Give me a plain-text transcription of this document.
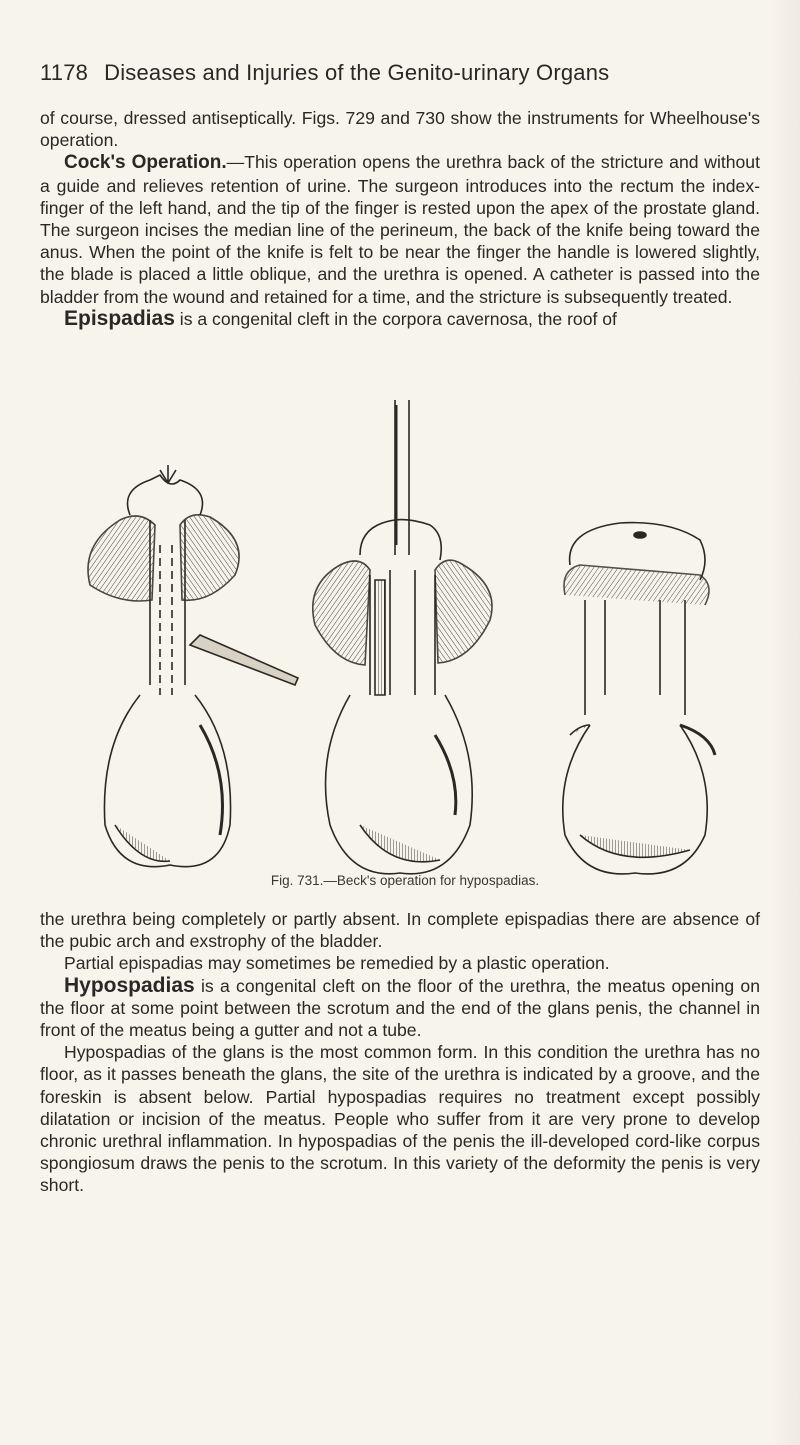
1178 Diseases and Injuries of the Genito-urinary Organs

of course, dressed antiseptically. Figs. 729 and 730 show the instruments for Wheelhouse's operation.

Cock's Operation.—This operation opens the urethra back of the stricture and without a guide and relieves retention of urine. The surgeon introduces into the rectum the index-finger of the left hand, and the tip of the finger is rested upon the apex of the prostate gland. The surgeon incises the median line of the perineum, the back of the knife being toward the anus. When the point of the knife is felt to be near the finger the handle is lowered slightly, the blade is placed a little oblique, and the urethra is opened. A catheter is passed into the bladder from the wound and retained for a time, and the stricture is subsequently treated.

Epispadias is a congenital cleft in the corpora cavernosa, the roof of

Fig. 731.—Beck's operation for hypospadias.

the urethra being completely or partly absent. In complete epispadias there are absence of the pubic arch and exstrophy of the bladder.

Partial epispadias may sometimes be remedied by a plastic operation.

Hypospadias is a congenital cleft on the floor of the urethra, the meatus opening on the floor at some point between the scrotum and the end of the glans penis, the channel in front of the meatus being a gutter and not a tube.

Hypospadias of the glans is the most common form. In this condition the urethra has no floor, as it passes beneath the glans, the site of the urethra is indicated by a groove, and the foreskin is absent below. Partial hypospadias requires no treatment except possibly dilatation or incision of the meatus. People who suffer from it are very prone to develop chronic urethral inflammation. In hypospadias of the penis the ill-developed cord-like corpus spongiosum draws the penis to the scrotum. In this variety of the deformity the penis is very short.
